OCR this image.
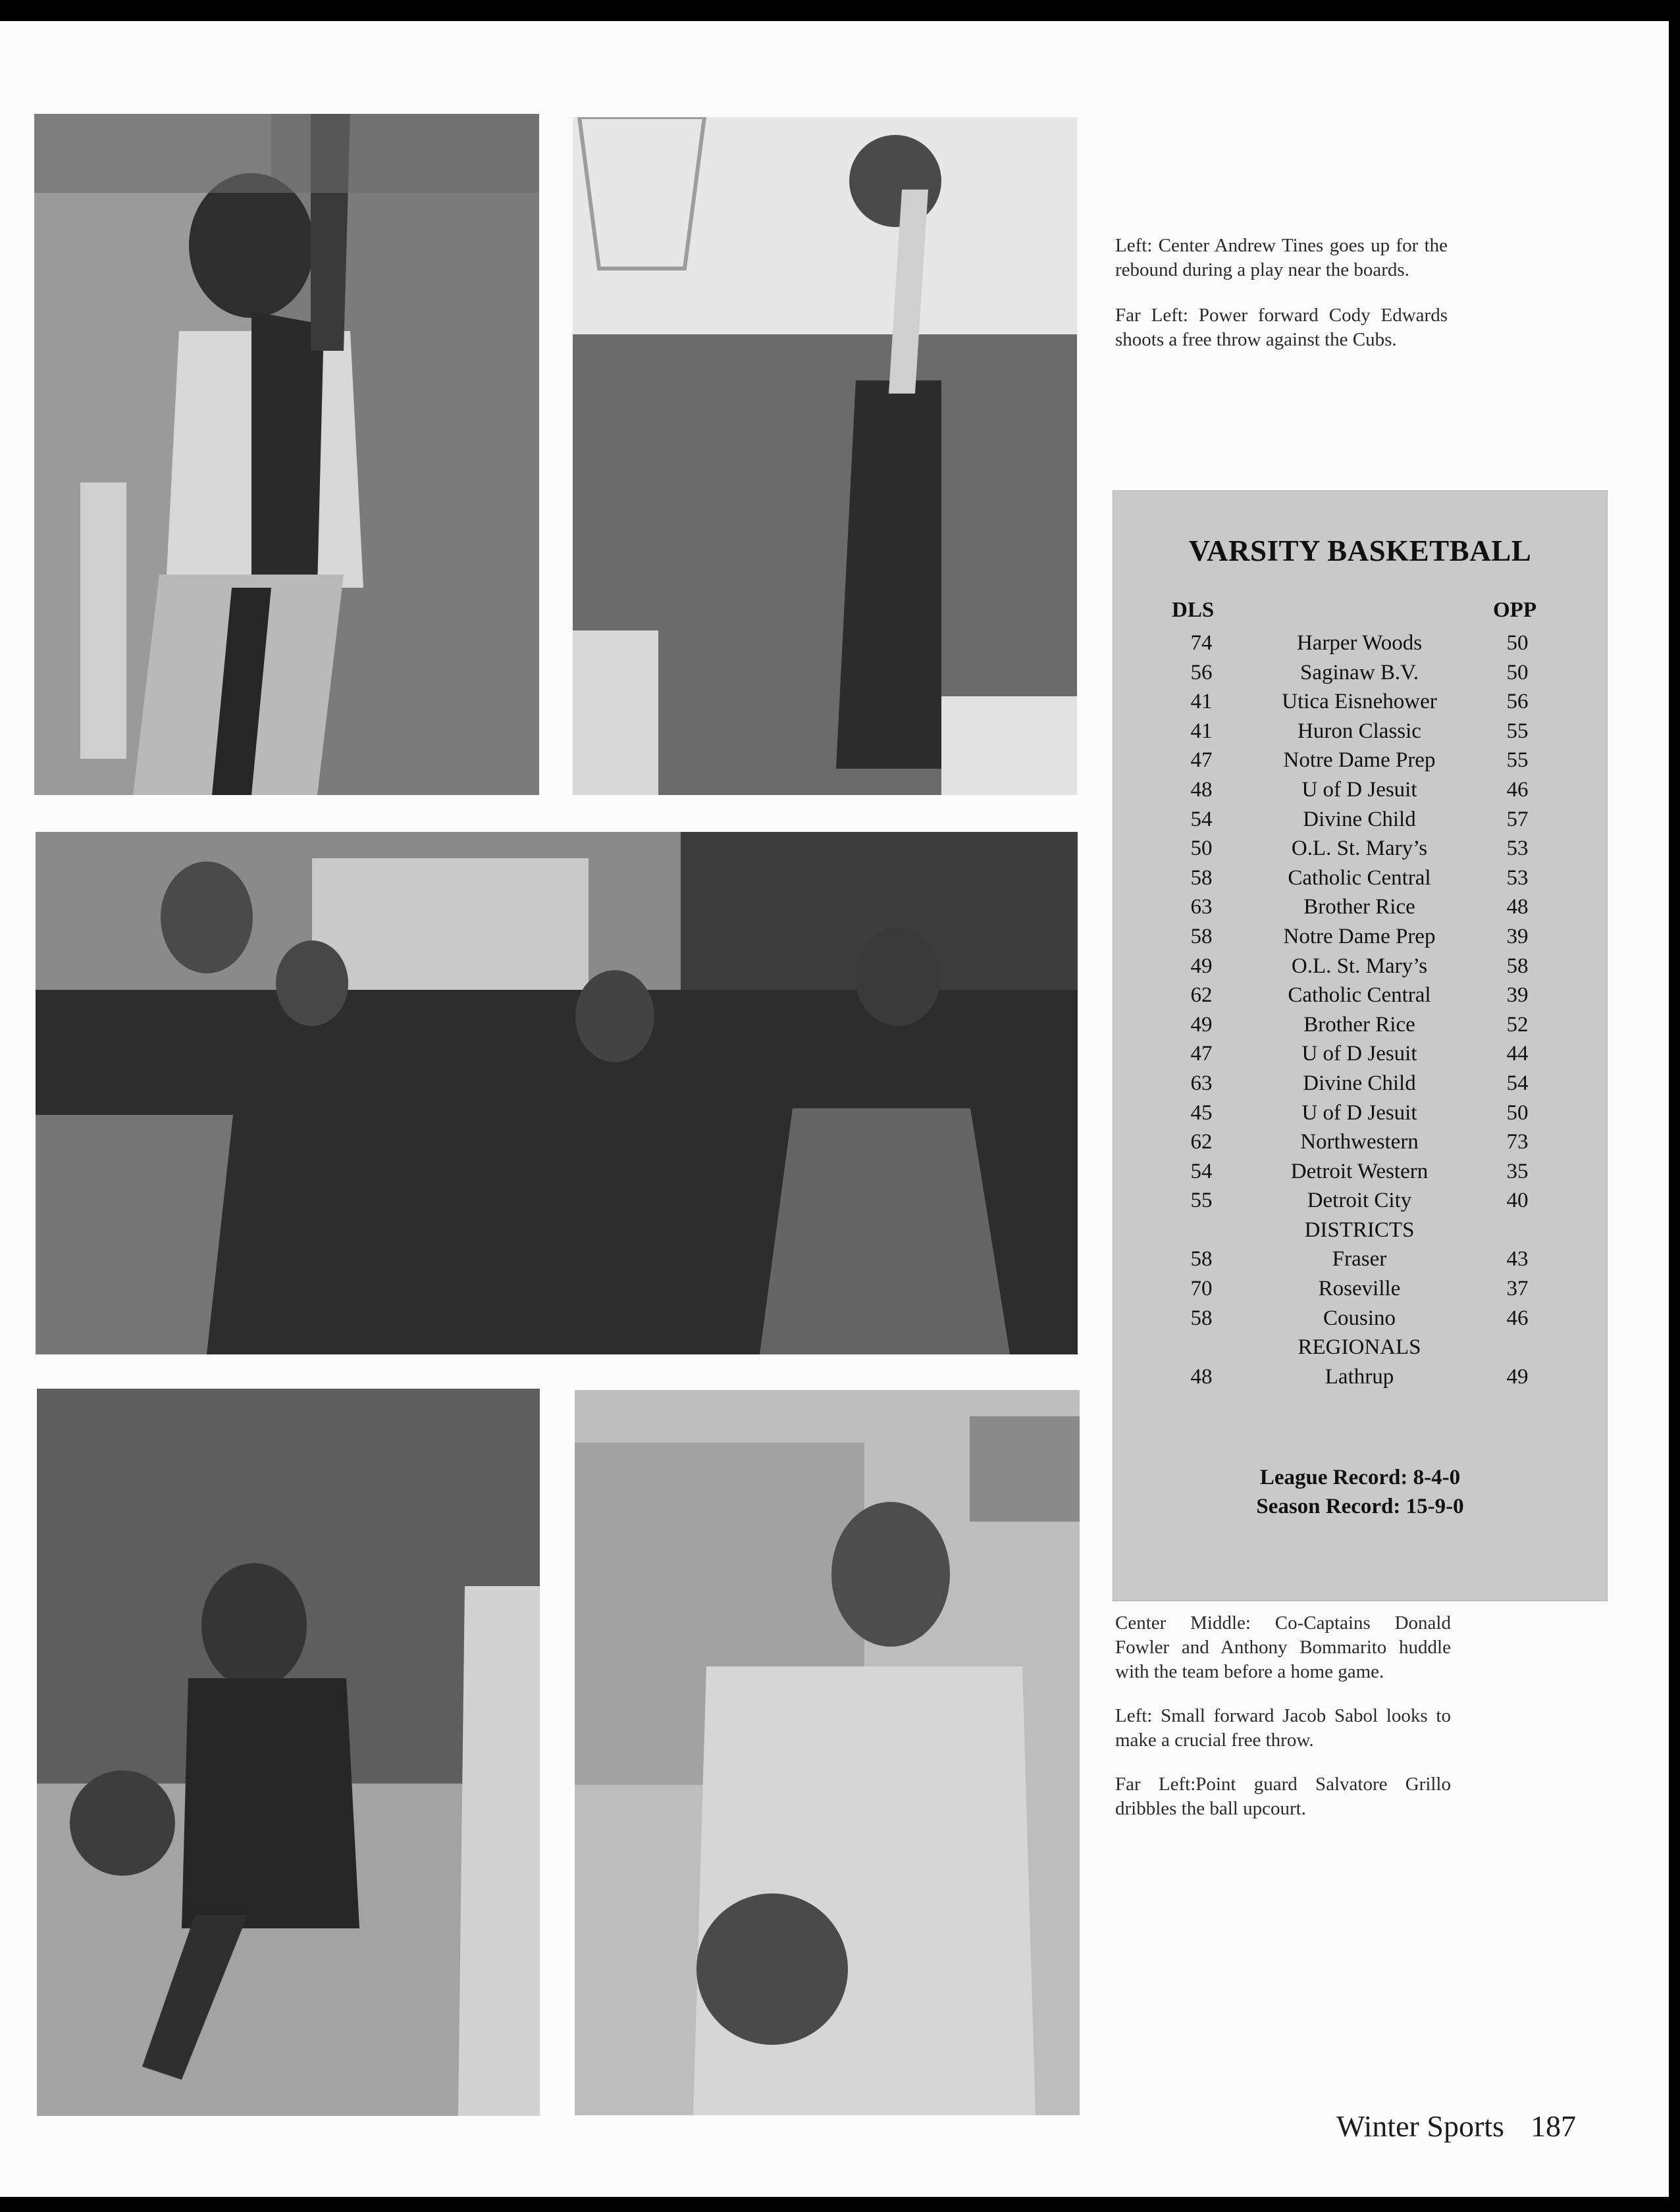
Left: Center Andrew Tines goes up for the rebound during a play near the boards.

Far Left: Power forward Cody Edwards shoots a free throw against the Cubs.

VARSITY BASKETBALL
DLS	OPP
74	Harper Woods	50
56	Saginaw B.V.	50
41	Utica Eisnehower	56
41	Huron Classic	55
47	Notre Dame Prep	55
48	U of D Jesuit	46
54	Divine Child	57
50	O.L. St. Mary’s	53
58	Catholic Central	53
63	Brother Rice	48
58	Notre Dame Prep	39
49	O.L. St. Mary’s	58
62	Catholic Central	39
49	Brother Rice	52
47	U of D Jesuit	44
63	Divine Child	54
45	U of D Jesuit	50
62	Northwestern	73
54	Detroit Western	35
55	Detroit City	40
DISTRICTS
58	Fraser	43
70	Roseville	37
58	Cousino	46
REGIONALS
48	Lathrup	49
League Record: 8-4-0
Season Record: 15-9-0

Center Middle: Co-Captains Donald Fowler and Anthony Bommarito huddle with the team before a home game.

Left: Small forward Jacob Sabol looks to make a crucial free throw.

Far Left:Point guard Salvatore Grillo dribbles the ball upcourt.

Winter Sports 187
